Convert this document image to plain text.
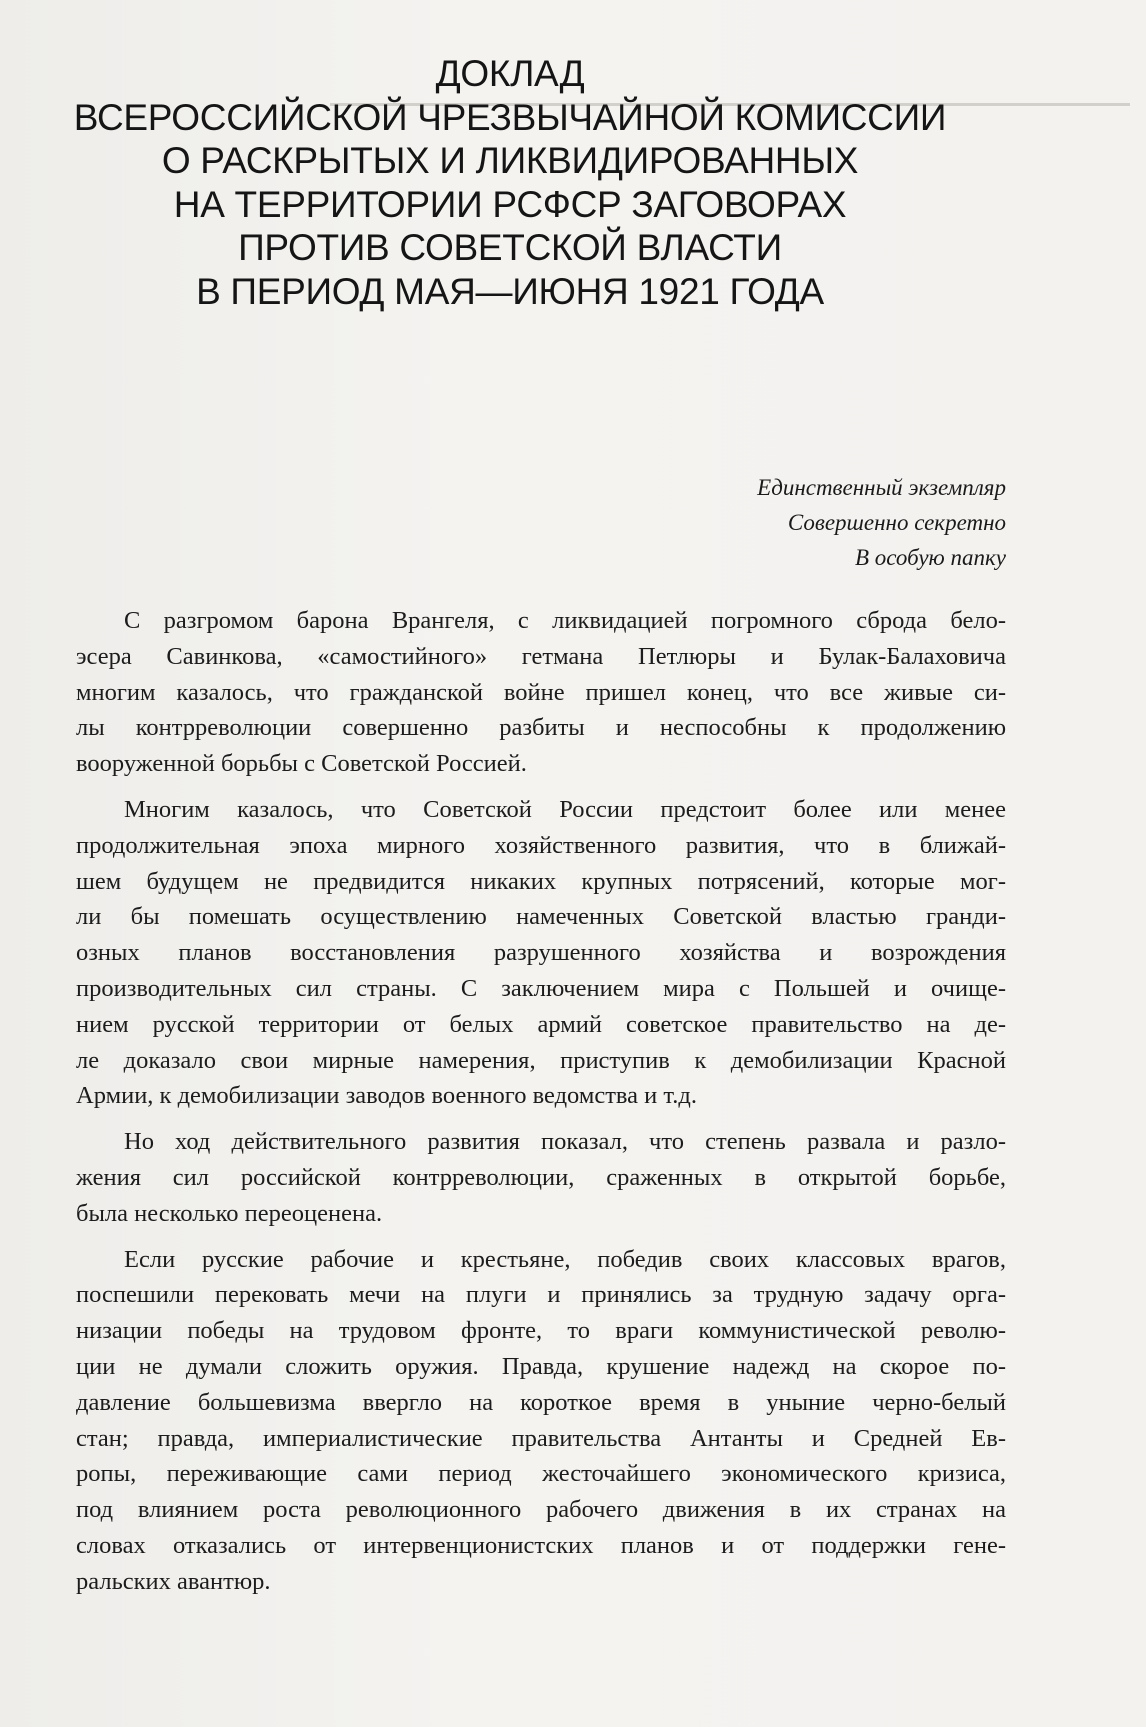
ДОКЛАД
ВСЕРОССИЙСКОЙ ЧРЕЗВЫЧАЙНОЙ КОМИССИИ
О РАСКРЫТЫХ И ЛИКВИДИРОВАННЫХ
НА ТЕРРИТОРИИ РСФСР ЗАГОВОРАХ
ПРОТИВ СОВЕТСКОЙ ВЛАСТИ
В ПЕРИОД МАЯ—ИЮНЯ 1921 ГОДА
Единственный экземпляр
Совершенно секретно
В особую папку

С разгромом барона Врангеля, с ликвидацией погромного сброда бело-
эсера Савинкова, «самостийного» гетмана Петлюры и Булак-Балаховича
многим казалось, что гражданской войне пришел конец, что все живые си-
лы контрреволюции совершенно разбиты и неспособны к продолжению
вооруженной борьбы с Советской Россией.

Многим казалось, что Советской России предстоит более или менее
продолжительная эпоха мирного хозяйственного развития, что в ближай-
шем будущем не предвидится никаких крупных потрясений, которые мог-
ли бы помешать осуществлению намеченных Советской властью гранди-
озных планов восстановления разрушенного хозяйства и возрождения
производительных сил страны. С заключением мира с Польшей и очище-
нием русской территории от белых армий советское правительство на де-
ле доказало свои мирные намерения, приступив к демобилизации Красной
Армии, к демобилизации заводов военного ведомства и т.д.

Но ход действительного развития показал, что степень развала и разло-
жения сил российской контрреволюции, сраженных в открытой борьбе,
была несколько переоценена.

Если русские рабочие и крестьяне, победив своих классовых врагов,
поспешили перековать мечи на плуги и принялись за трудную задачу орга-
низации победы на трудовом фронте, то враги коммунистической револю-
ции не думали сложить оружия. Правда, крушение надежд на скорое по-
давление большевизма ввергло на короткое время в уныние черно-белый
стан; правда, империалистические правительства Антанты и Средней Ев-
ропы, переживающие сами период жесточайшего экономического кризиса,
под влиянием роста революционного рабочего движения в их странах на
словах отказались от интервенционистских планов и от поддержки гене-
ральских авантюр.
